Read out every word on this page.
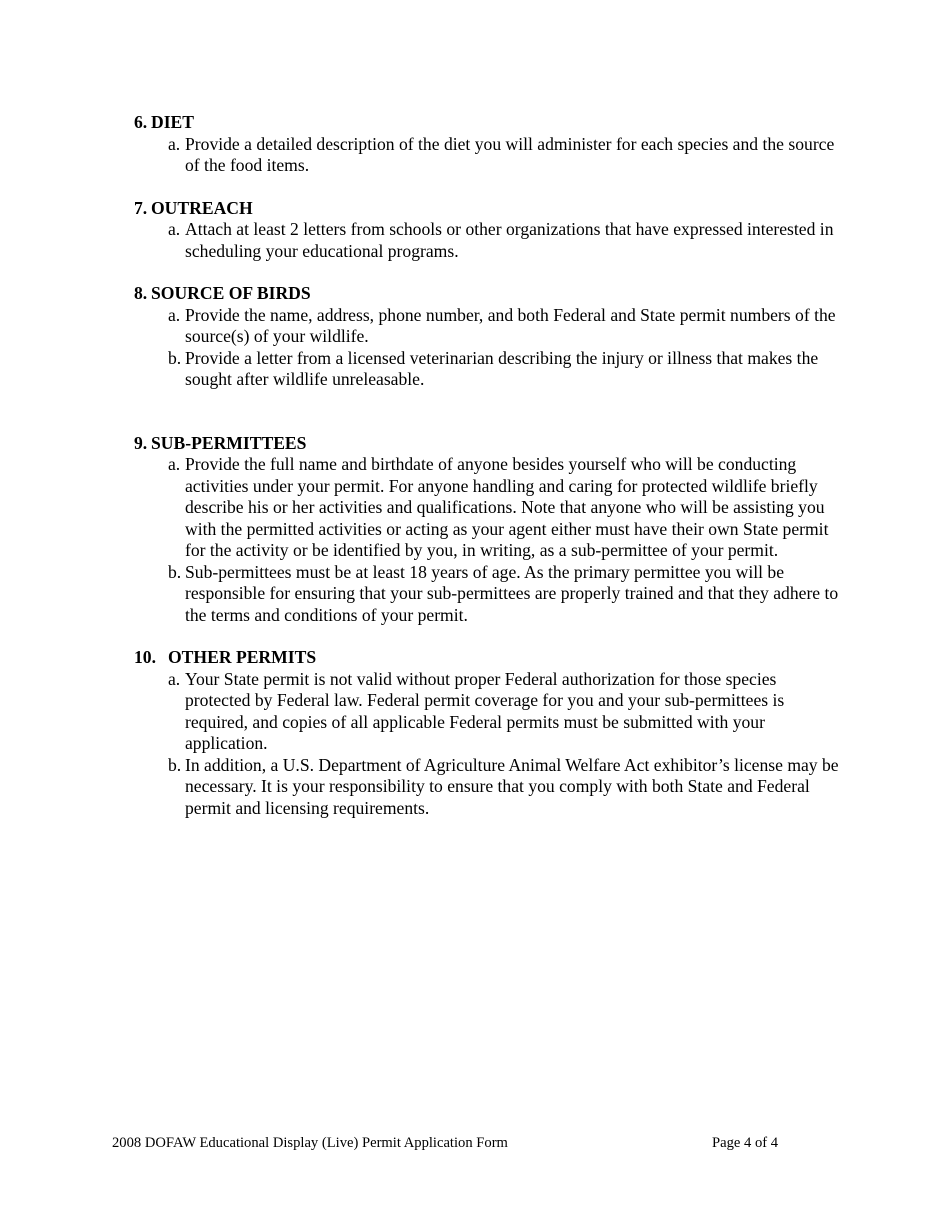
6. DIET
a. Provide a detailed description of the diet you will administer for each species and the source of the food items.
7. OUTREACH
a. Attach at least 2 letters from schools or other organizations that have expressed interested in scheduling your educational programs.
8. SOURCE OF BIRDS
a. Provide the name, address, phone number, and both Federal and State permit numbers of the source(s) of your wildlife.
b. Provide a letter from a licensed veterinarian describing the injury or illness that makes the sought after wildlife unreleasable.
9. SUB-PERMITTEES
a. Provide the full name and birthdate of anyone besides yourself who will be conducting activities under your permit. For anyone handling and caring for protected wildlife briefly describe his or her activities and qualifications. Note that anyone who will be assisting you with the permitted activities or acting as your agent either must have their own State permit for the activity or be identified by you, in writing, as a sub-permittee of your permit.
b. Sub-permittees must be at least 18 years of age. As the primary permittee you will be responsible for ensuring that your sub-permittees are properly trained and that they adhere to the terms and conditions of your permit.
10. OTHER PERMITS
a. Your State permit is not valid without proper Federal authorization for those species protected by Federal law. Federal permit coverage for you and your sub-permittees is required, and copies of all applicable Federal permits must be submitted with your application.
b. In addition, a U.S. Department of Agriculture Animal Welfare Act exhibitor’s license may be necessary. It is your responsibility to ensure that you comply with both State and Federal permit and licensing requirements.
2008 DOFAW Educational Display (Live) Permit Application Form	Page 4 of 4
